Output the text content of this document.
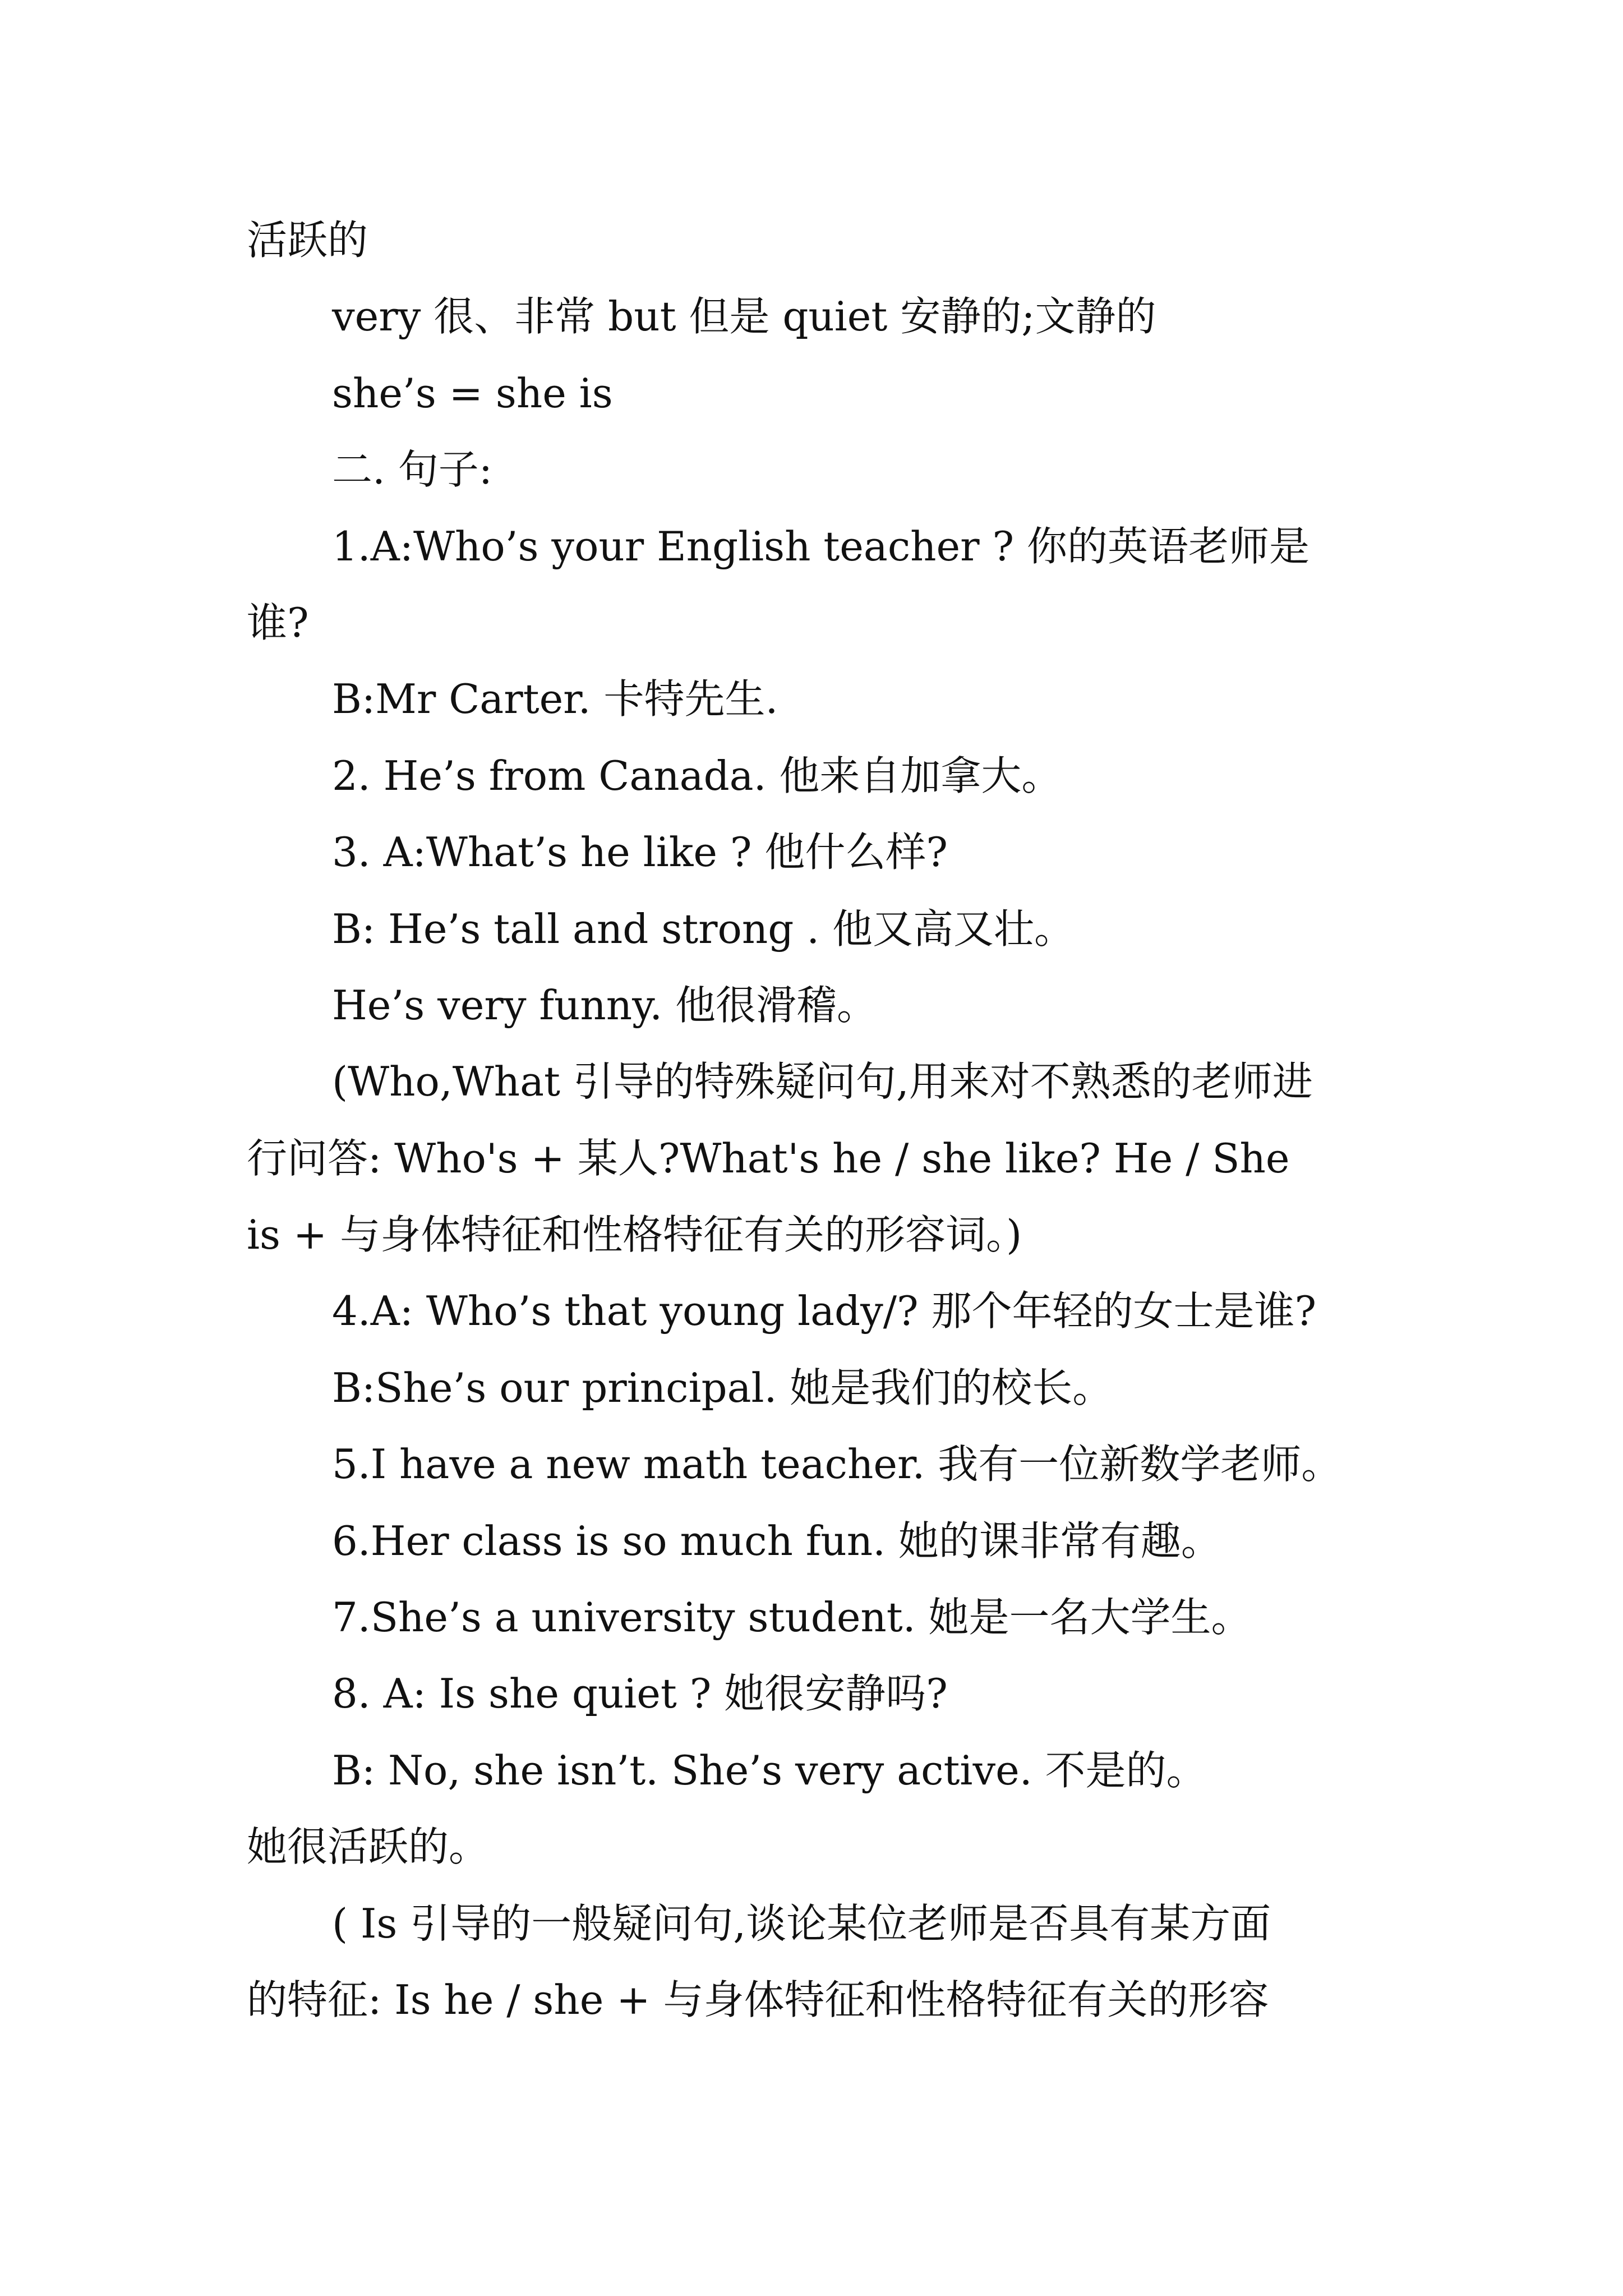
活跃的
very 很、非常 but 但是 quiet 安静的;文静的
she’s = she is
二. 句子:
1.A:Who’s your English teacher ? 你的英语老师是
谁?
B:Mr Carter. 卡特先生.
2. He’s from Canada. 他来自加拿大。
3. A:What’s he like ? 他什么样?
B: He’s tall and strong . 他又高又壮。
He’s very funny. 他很滑稽。
(Who,What 引导的特殊疑问句,用来对不熟悉的老师进
行问答: Who's + 某人?What's he / she like? He / She
is + 与身体特征和性格特征有关的形容词。)
4.A: Who’s that young lady/? 那个年轻的女士是谁?
B:She’s our principal. 她是我们的校长。
5.I have a new math teacher. 我有一位新数学老师。
6.Her class is so much fun. 她的课非常有趣。
7.She’s a university student. 她是一名大学生。
8. A: Is she quiet ? 她很安静吗?
B: No, she isn’t. She’s very active. 不是的。
她很活跃的。
( Is 引导的一般疑问句,谈论某位老师是否具有某方面
的特征: Is he / she + 与身体特征和性格特征有关的形容
